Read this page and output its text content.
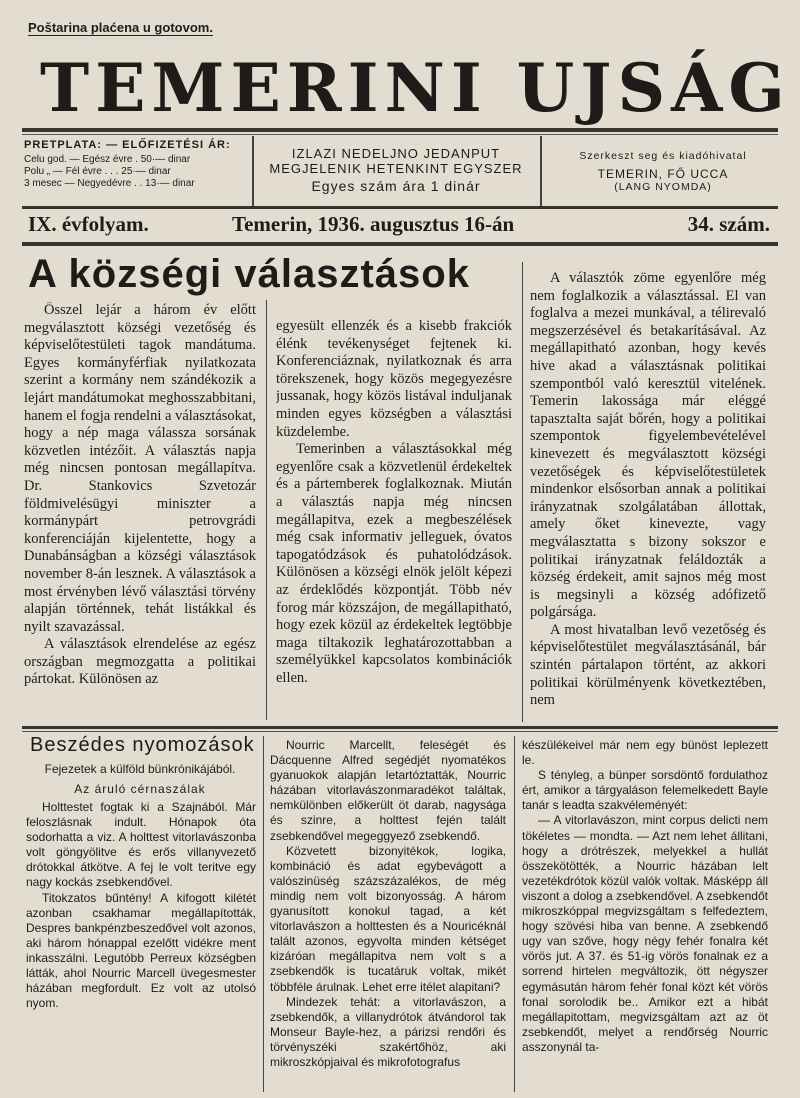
Poštarina plaćena u gotovom.
TEMERINI UJSÁG
PRETPLATA: — ELŐFIZETÉSI ÁR:
Celu god. — Egész évre . 50·— dinar
Polu „ — Fél évre . . . 25·— dinar
3 mesec — Negyedévre . . 13·— dinar
IZLAZI NEDELJNO JEDANPUT
MEGJELENIK HETENKINT EGYSZER
Egyes szám ára 1 dinár
Szerkeszt seg és kiadóhivatal
TEMERIN, FŐ UCCA
(LANG NYOMDA)
IX. évfolyam.	Temerin, 1936. augusztus 16-án	34. szám.
A községi választások

Ősszel lejár a három év előtt megválasztott községi vezetőség és képviselőtestületi tagok mandátuma. Egyes kormányférfiak nyilatkozata szerint a kormány nem szándékozik a lejárt mandátumokat meghosszabbitani, hanem el fogja rendelni a választásokat, hogy a nép maga válassza sorsának közvetlen intézőit. A választás napja még nincsen pontosan megállapítva. Dr. Stankovics Szvetozár földmivelésügyi miniszter a kormánypárt petrovgrádi konferenciáján kijelentette, hogy a Dunabánságban a községi választások november 8-án lesznek. A választások a most érvényben lévő választási törvény alapján történnek, tehát listákkal és nyilt szavazással.

A választások elrendelése az egész országban megmozgatta a politikai pártokat. Különösen az

egyesült ellenzék és a kisebb frakciók élénk tevékenységet fejtenek ki. Konferenciáznak, nyilatkoznak és arra törekszenek, hogy közös megegyezésre jussanak, hogy közös listával induljanak minden egyes községben a választási küzdelembe.

Temerinben a választásokkal még egyenlőre csak a közvetlenül érdekeltek és a pártemberek foglalkoznak. Miután a választás napja még nincsen megállapitva, ezek a megbeszélések még csak informativ jelleguek, óvatos tapogatódzások és puhatolódzások. Különösen a községi elnök jelölt képezi az érdeklődés központját. Több név forog már közszájon, de megállapitható, hogy ezek közül az érdekeltek legtöbbje maga tiltakozik leghatározottabban a személyükkel kapcsolatos kombinációk ellen.

A választók zöme egyenlőre még nem foglalkozik a választással. El van foglalva a mezei munkával, a télirevaló megszerzésével és betakarításával. Az megállapitható azonban, hogy kevés hive akad a választásnak politikai szempontból való keresztül vitelének. Temerin lakossága már eléggé tapasztalta saját bőrén, hogy a politikai szempontok figyelembevételével kinevezett és megválasztott községi vezetőségek és képviselőtestületek mindenkor elsősorban annak a politikai irányzatnak szolgálatában állottak, amely őket kinevezte, vagy megválasztatta s bizony sokszor e politikai irányzatnak feláldozták a község érdekeit, amit sajnos még most is megsinyli a község adófizető polgársága.

A most hivatalban levő vezetőség és képviselőtestület megválasztásánál, bár szintén pártalapon történt, az akkori politikai körülményenk következtében, nem

Beszédes nyomozások
Fejezetek a külföld bünkrónikájából.
Az áruló cérnaszálak

Holttestet fogtak ki a Szajnából. Már feloszlásnak indult. Hónapok óta sodorhatta a viz. A holttest vitorlavászonba volt göngyölitve és erős villanyvezető drótokkal átkötve. A fej le volt teritve egy nagy kockás zsebkendővel.

Titokzatos bűntény! A kifogott kilétét azonban csakhamar megállapították, Despres bankpénzbeszedővel volt azonos, aki három hónappal ezelőtt vidékre ment inkasszálni. Legutóbb Perreux községben látták, ahol Nourric Marcell üvegesmester házában megfordult. Ez volt az utolsó nyom.

Nourric Marcellt, feleségét és Dácquenne Alfred segédjét nyomatékos gyanuokok alapján letartóztatták, Nourric házában vitorlavászonmaradékot találtak, nemkülönben előkerült öt darab, nagysága és szinre, a holttest fején talált zsebkendővel megeggyező zsebkendő.

Közvetett bizonyitékok, logika, kombináció és adat egybevágott a valószinüség százszázalékos, de még mindig nem volt bizonyosság. A három gyanusított konokul tagad, a két vitorlavászon a holttesten és a Nouricéknál talált azonos, egyvolta minden kétséget kizáróan megállapitva nem volt s a zsebkendők is tucatáruk voltak, mikét többféle árulnak. Lehet erre itélet alapitani?

Mindezek tehát: a vitorlavászon, a zsebkendők, a villanydrótok átvándorol tak Monseur Bayle-hez, a párizsi rendőri és törvényszéki szakértőhöz, aki mikroszkópjaival és mikrofotografus

készülékeivel már nem egy bünöst leplezett le.

S tényleg, a bünper sorsdöntő fordulathoz ért, amikor a tárgyaláson felemelkedett Bayle tanár s leadta szakvéleményét:

— A vitorlavászon, mint corpus delicti nem tökéletes — mondta. — Azt nem lehet állitani, hogy a drótrészek, melyekkel a hullát összekötötték, a Nourric házában lelt vezetékdrótok közül valók voltak. Másképp áll viszont a dolog a zsebkendővel. A zsebkendőt mikroszkóppal megvizsgáltam s felfedeztem, hogy szövési hiba van benne. A zsebkendő ugy van szőve, hogy négy fehér fonalra két vörös jut. A 37. és 51-ig vörös fonalnak ez a sorrend hirtelen megváltozik, ött négyszer egymásután három fehér fonal közt két vörös fonal sorolodik be.. Amikor ezt a hibát megállapitottam, megvizsgáltam azt az öt zsebkendőt, melyet a rendőrség Nourric asszonynál ta-
